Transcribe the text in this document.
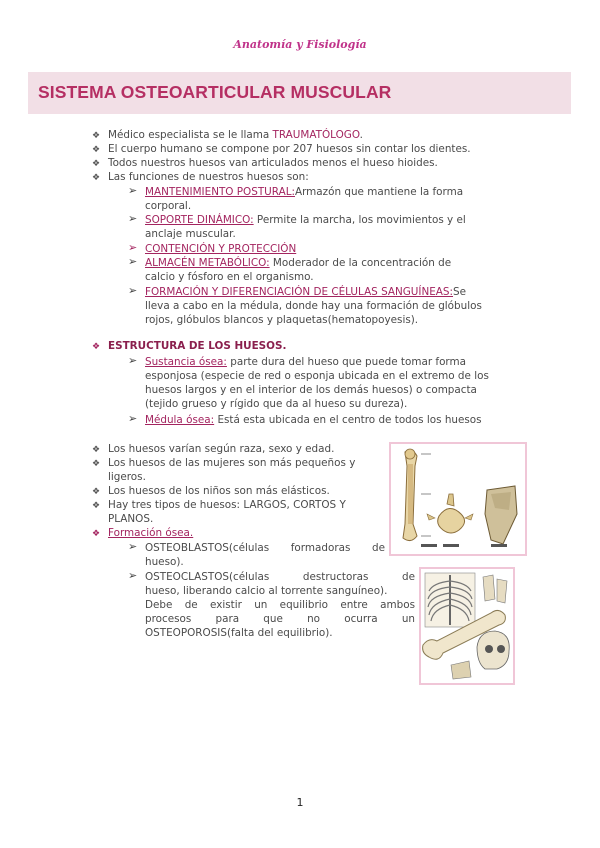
Anatomía y Fisiología
SISTEMA OSTEOARTICULAR MUSCULAR
❖ Médico especialista se le llama TRAUMATÓLOGO.
❖ El cuerpo humano se compone por 207 huesos sin contar los dientes.
❖ Todos nuestros huesos van articulados menos el hueso hioides.
❖ Las funciones de nuestros huesos son:
➢ MANTENIMIENTO POSTURAL:Armazón que mantiene la forma
corporal.
➢ SOPORTE DINÁMICO: Permite la marcha, los movimientos y el
anclaje muscular.
➢ CONTENCIÓN Y PROTECCIÓN
➢ ALMACÉN METABÓLICO: Moderador de la concentración de
calcio y fósforo en el organismo.
➢ FORMACIÓN Y DIFERENCIACIÓN DE CÉLULAS SANGUÍNEAS:Se
lleva a cabo en la médula, donde hay una formación de glóbulos
rojos, glóbulos blancos y plaquetas(hematopoyesis).
❖ ESTRUCTURA DE LOS HUESOS.
➢ Sustancia ósea: parte dura del hueso que puede tomar forma
esponjosa (especie de red o esponja ubicada en el extremo de los
huesos largos y en el interior de los demás huesos) o compacta
(tejido grueso y rígido que da al hueso su dureza).
➢ Médula ósea: Está esta ubicada en el centro de todos los huesos
❖ Los huesos varían según raza, sexo y edad.
❖ Los huesos de las mujeres son más pequeños y
ligeros.
❖ Los huesos de los niños son más elásticos.
❖ Hay tres tipos de huesos: LARGOS, CORTOS Y
PLANOS.
❖ Formación ósea.
➢ OSTEOBLASTOS(células formadoras de
hueso).
➢ OSTEOCLASTOS(células destructoras de
hueso, liberando calcio al torrente sanguíneo).
Debe de existir un equilibrio entre ambos
procesos para que no ocurra un
OSTEOPOROSIS(falta del equilibrio).
1
